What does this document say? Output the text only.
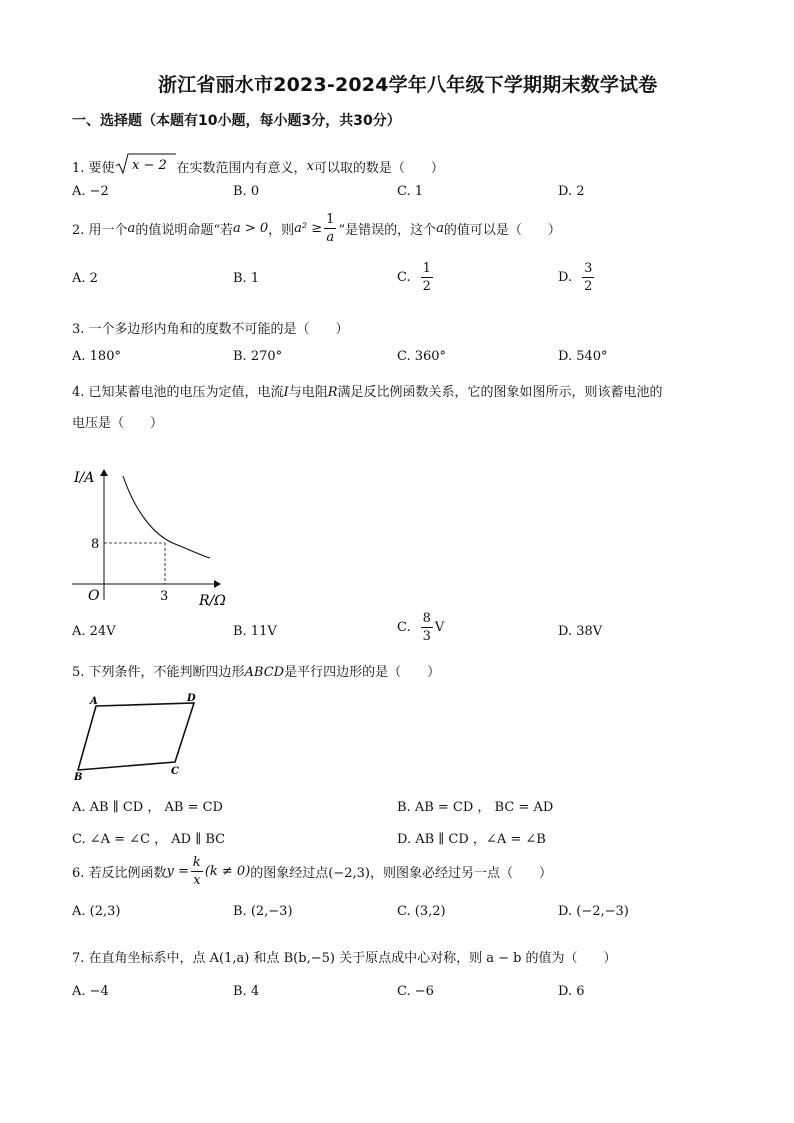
浙江省丽水市2023-2024学年八年级下学期期末数学试卷
一、选择题（本题有10小题，每小题3分，共30分）
1. 要使 x − 2 在实数范围内有意义， x 可以取的数是（　　）
A. −2	B. 0	C. 1	D. 2
2. 用一个 a 的值说明命题“若 a > 0 ，则 $a^2 \ge \frac{1}{a}$ ”是错误的，这个 a 的值可以是（　　）
A. 2	B. 1	C. $\frac{1}{2}$	D. $\frac{3}{2}$
3. 一个多边形内角和的度数不可能的是（　　）
A. 180°	B. 270°	C. 360°	D. 540°
4. 已知某蓄电池的电压为定值，电流I与电阻R满足反比例函数关系，它的图象如图所示，则该蓄电池的
电压是（　　）
I/A
R/Ω
O
8
3
A. 24V	B. 11V	C. $\frac{8}{3}$ V	D. 38V
5. 下列条件，不能判断四边形ABCD是平行四边形的是（　　）
A	D
B
C
A. AB ∥ CD ， AB = CD	B. AB = CD ， BC = AD
C. ∠A = ∠C ， AD ∥ BC	D. AB ∥ CD ，∠A = ∠B
6. 若反比例函数 $y = \frac{k}{x} (k \ne 0)$ 的图象经过点(−2,3)，则图象必经过另一点（　　）
A. (2,3)	B. (2,−3)	C. (3,2)	D. (−2,−3)
7. 在直角坐标系中，点 A(1,a) 和点 B(b,−5) 关于原点成中心对称，则 a − b 的值为（　　）
A. −4	B. 4	C. −6	D. 6
